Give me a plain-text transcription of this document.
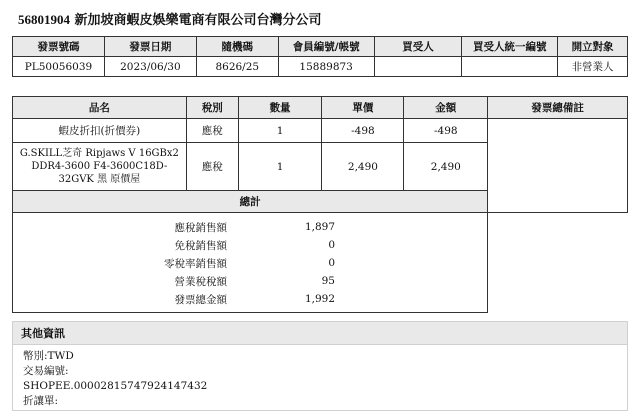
56801904 新加坡商蝦皮娛樂電商有限公司台灣分公司
發票號碼	發票日期	隨機碼	會員編號/帳號	買受人	買受人統一編號	開立對象
PL50056039	2023/06/30	8626/25	15889873			非營業人
品名	稅別	數量	單價	金額	發票總備註
蝦皮折扣(折價券)	應稅	1	-498	-498	
G.SKILL芝奇 Ripjaws V 16GBx2 DDR4-3600 F4-3600C18D-32GVK 黑 原價屋	應稅	1	2,490	2,490	
總計					
應稅銷售額	1,897	
免稅銷售額	0	
零稅率銷售額	0	
營業稅稅額	95	
發票總金額	1,992	
其他資訊
幣別:TWD
交易編號:
SHOPEE.00002815747924147432
折讓單:
